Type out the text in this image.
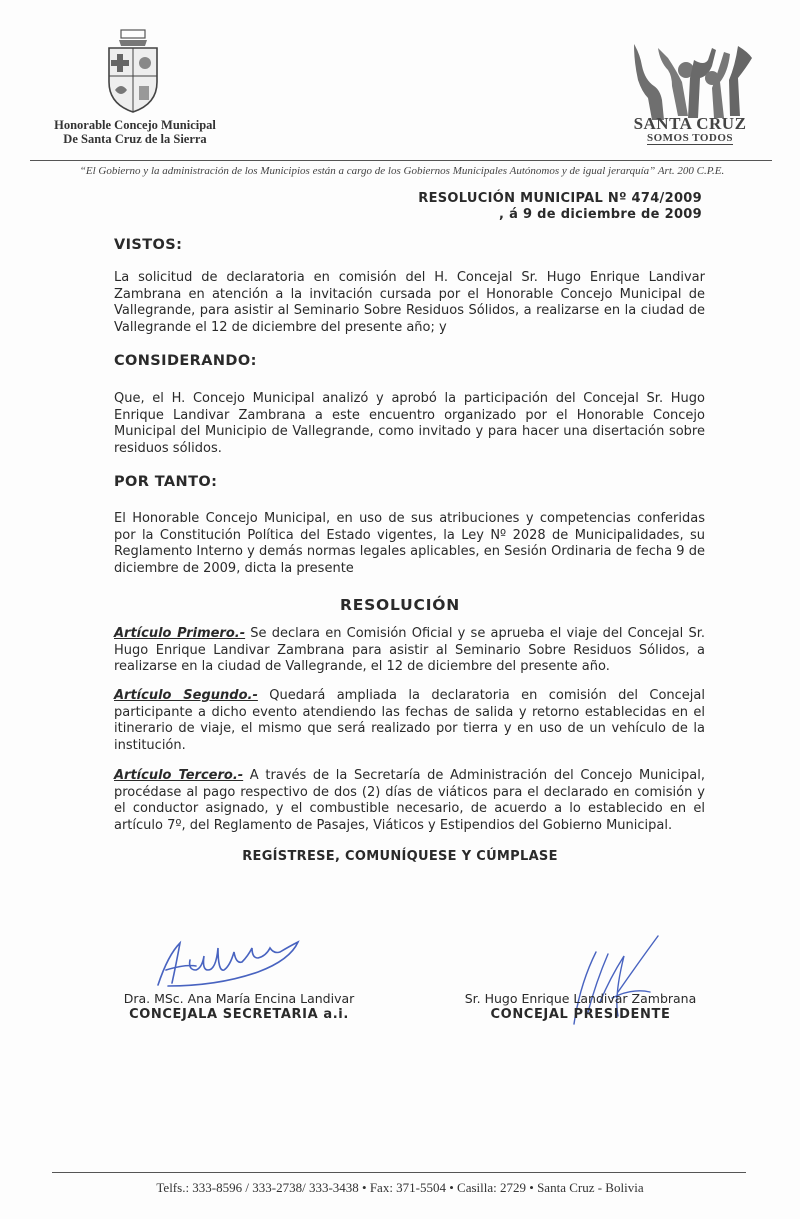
Honorable Concejo Municipal
De Santa Cruz de la Sierra
SANTA CRUZ
SOMOS TODOS
“El Gobierno y la administración de los Municipios están a cargo de los Gobiernos Municipales Autónomos y de igual jerarquía” Art. 200 C.P.E.
RESOLUCIÓN MUNICIPAL Nº 474/2009
, á 9 de diciembre de 2009
VISTOS:
La solicitud de declaratoria en comisión del H. Concejal Sr. Hugo Enrique Landivar Zambrana en atención a la invitación cursada por el Honorable Concejo Municipal de Vallegrande, para asistir al Seminario Sobre Residuos Sólidos, a realizarse en la ciudad de Vallegrande el 12 de diciembre del presente año; y
CONSIDERANDO:
Que, el H. Concejo Municipal analizó y aprobó la participación del Concejal Sr. Hugo Enrique Landivar Zambrana a este encuentro organizado por el Honorable Concejo Municipal del Municipio de Vallegrande, como invitado y para hacer una disertación sobre residuos sólidos.
POR TANTO:
El Honorable Concejo Municipal, en uso de sus atribuciones y competencias conferidas por la Constitución Política del Estado vigentes, la Ley Nº 2028 de Municipalidades, su Reglamento Interno y demás normas legales aplicables, en Sesión Ordinaria de fecha 9 de diciembre de 2009, dicta la presente
RESOLUCIÓN
Artículo Primero.- Se declara en Comisión Oficial y se aprueba el viaje del Concejal Sr. Hugo Enrique Landivar Zambrana para asistir al Seminario Sobre Residuos Sólidos, a realizarse en la ciudad de Vallegrande, el 12 de diciembre del presente año.
Artículo Segundo.- Quedará ampliada la declaratoria en comisión del Concejal participante a dicho evento atendiendo las fechas de salida y retorno establecidas en el itinerario de viaje, el mismo que será realizado por tierra y en uso de un vehículo de la institución.
Artículo Tercero.- A través de la Secretaría de Administración del Concejo Municipal, procédase al pago respectivo de dos (2) días de viáticos para el declarado en comisión y el conductor asignado, y el combustible necesario, de acuerdo a lo establecido en el artículo 7º, del Reglamento de Pasajes, Viáticos y Estipendios del Gobierno Municipal.
REGÍSTRESE, COMUNÍQUESE Y CÚMPLASE
Dra. MSc. Ana María Encina Landivar
CONCEJALA SECRETARIA a.i.
Sr. Hugo Enrique Landivar Zambrana
CONCEJAL PRESIDENTE
Telfs.: 333-8596 / 333-2738/ 333-3438 • Fax: 371-5504 • Casilla: 2729 • Santa Cruz - Bolivia
